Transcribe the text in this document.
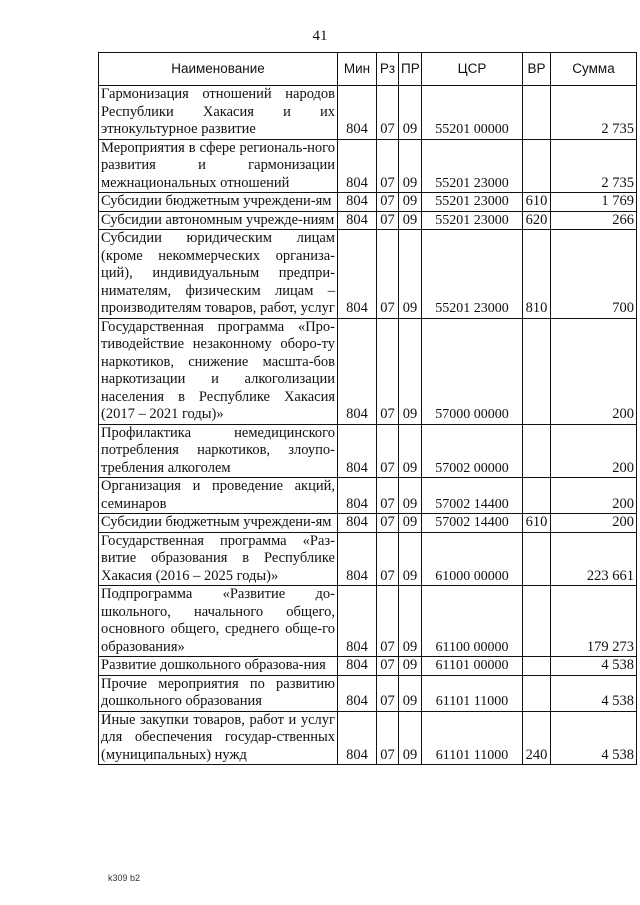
41
Наименование	Мин	Рз	ПР	ЦСР	ВР	Сумма
Гармонизация отношений народов Республики Хакасия и их этнокультурное развитие	804	07	09	55201 00000		2 735
Мероприятия в сфере региональ-ного развития и гармонизации межнациональных отношений	804	07	09	55201 23000		2 735
Субсидии бюджетным учреждени-ям	804	07	09	55201 23000	610	1 769
Субсидии автономным учрежде-ниям	804	07	09	55201 23000	620	266
Субсидии юридическим лицам (кроме некоммерческих организа-ций), индивидуальным предпри-нимателям, физическим лицам – производителям товаров, работ, услуг	804	07	09	55201 23000	810	700
Государственная программа «Про-тиводействие незаконному оборо-ту наркотиков, снижение масшта-бов наркотизации и алкоголизации населения в Республике Хакасия (2017 – 2021 годы)»	804	07	09	57000 00000		200
Профилактика немедицинского потребления наркотиков, злоупо-требления алкоголем	804	07	09	57002 00000		200
Организация и проведение акций, семинаров	804	07	09	57002 14400		200
Субсидии бюджетным учреждени-ям	804	07	09	57002 14400	610	200
Государственная программа «Раз-витие образования в Республике Хакасия (2016 – 2025 годы)»	804	07	09	61000 00000		223 661
Подпрограмма «Развитие до-школьного, начального общего, основного общего, среднего обще-го образования»	804	07	09	61100 00000		179 273
Развитие дошкольного образова-ния	804	07	09	61101 00000		4 538
Прочие мероприятия по развитию дошкольного образования	804	07	09	61101 11000		4 538
Иные закупки товаров, работ и услуг для обеспечения государ-ственных (муниципальных) нужд	804	07	09	61101 11000	240	4 538
k309 b2
